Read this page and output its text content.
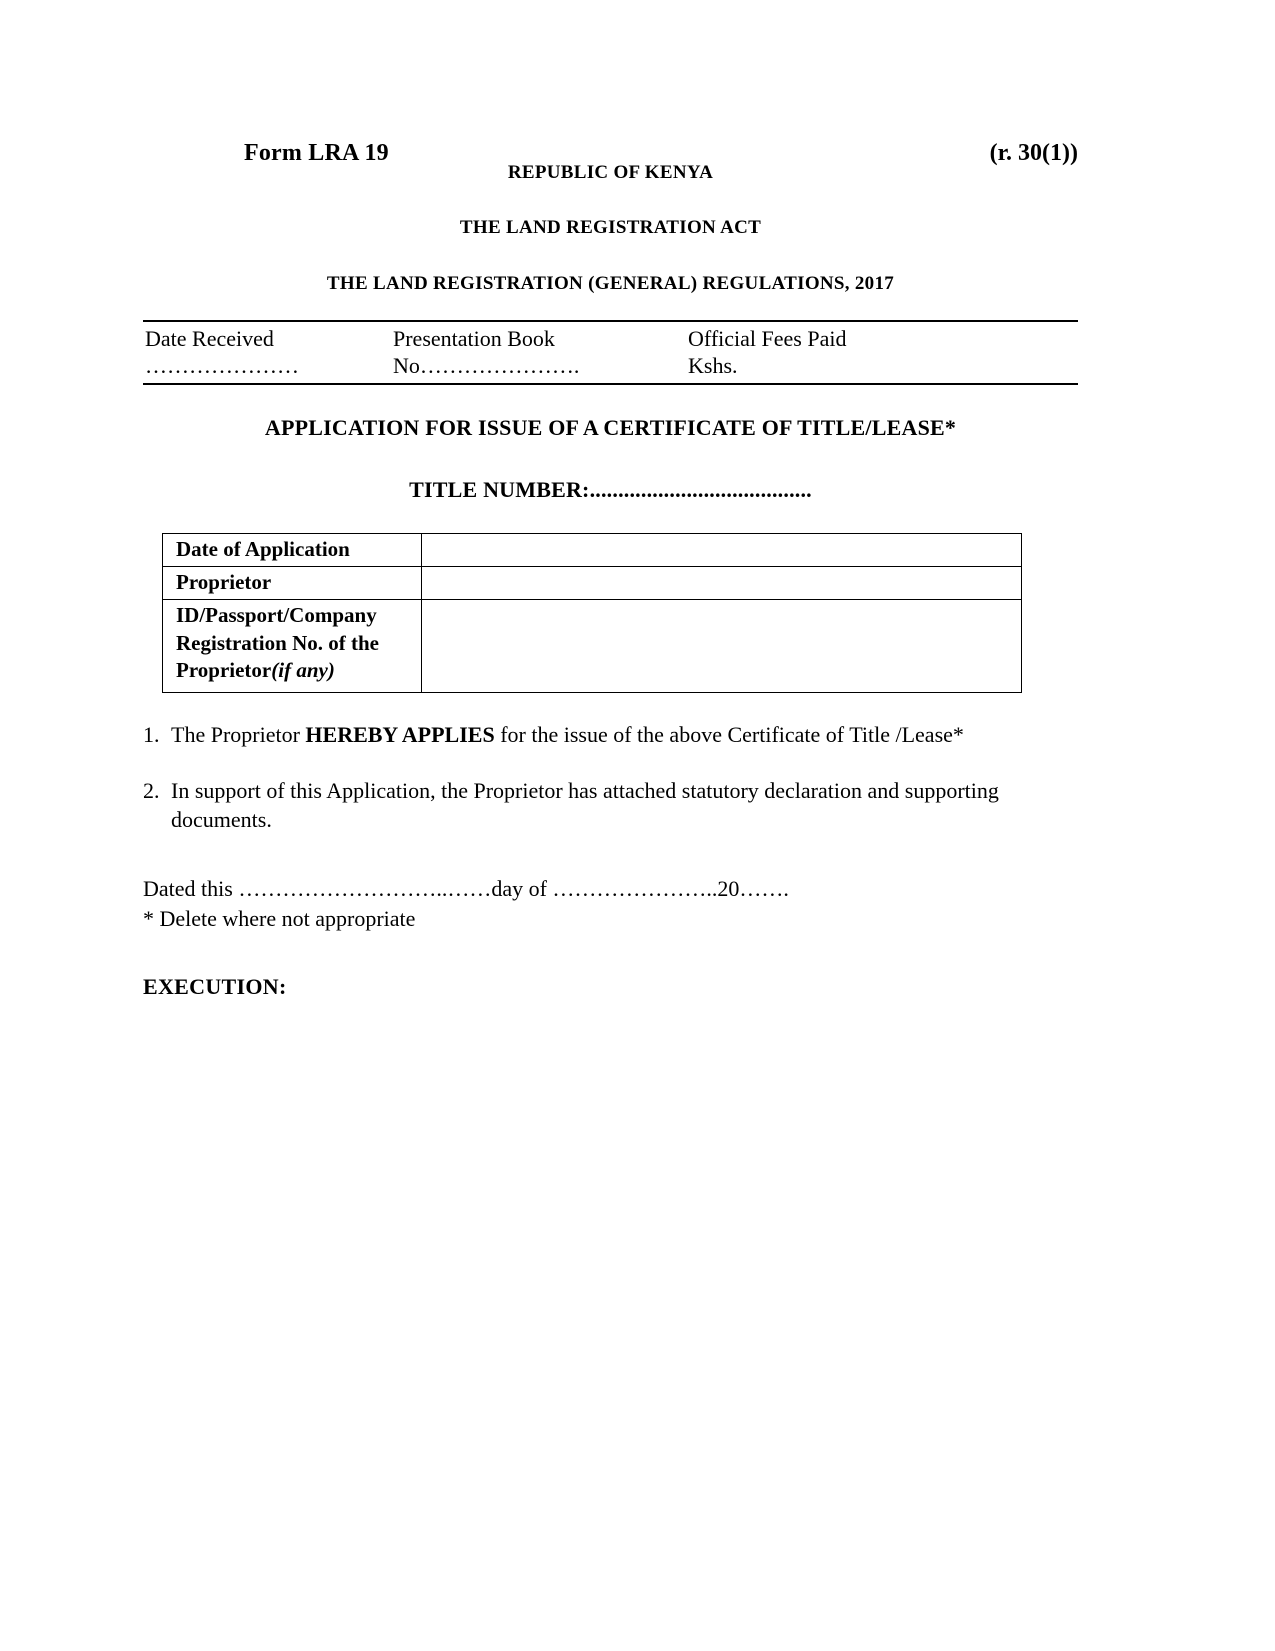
Form LRA 19	(r. 30(1))
REPUBLIC OF KENYA
THE LAND REGISTRATION ACT
THE LAND REGISTRATION (GENERAL) REGULATIONS, 2017
Date Received	Presentation Book	Official Fees Paid
…………………	No………………….	Kshs.
APPLICATION FOR ISSUE OF A CERTIFICATE OF TITLE/LEASE*
TITLE NUMBER:.......................................
Date of Application	
Proprietor	
ID/Passport/Company Registration No. of the Proprietor(if any)	
1. The Proprietor HEREBY APPLIES for the issue of the above Certificate of Title /Lease*
2. In support of this Application, the Proprietor has attached statutory declaration and supporting documents.
Dated this ………………………..……day of …………………..20…….
* Delete where not appropriate
EXECUTION:
